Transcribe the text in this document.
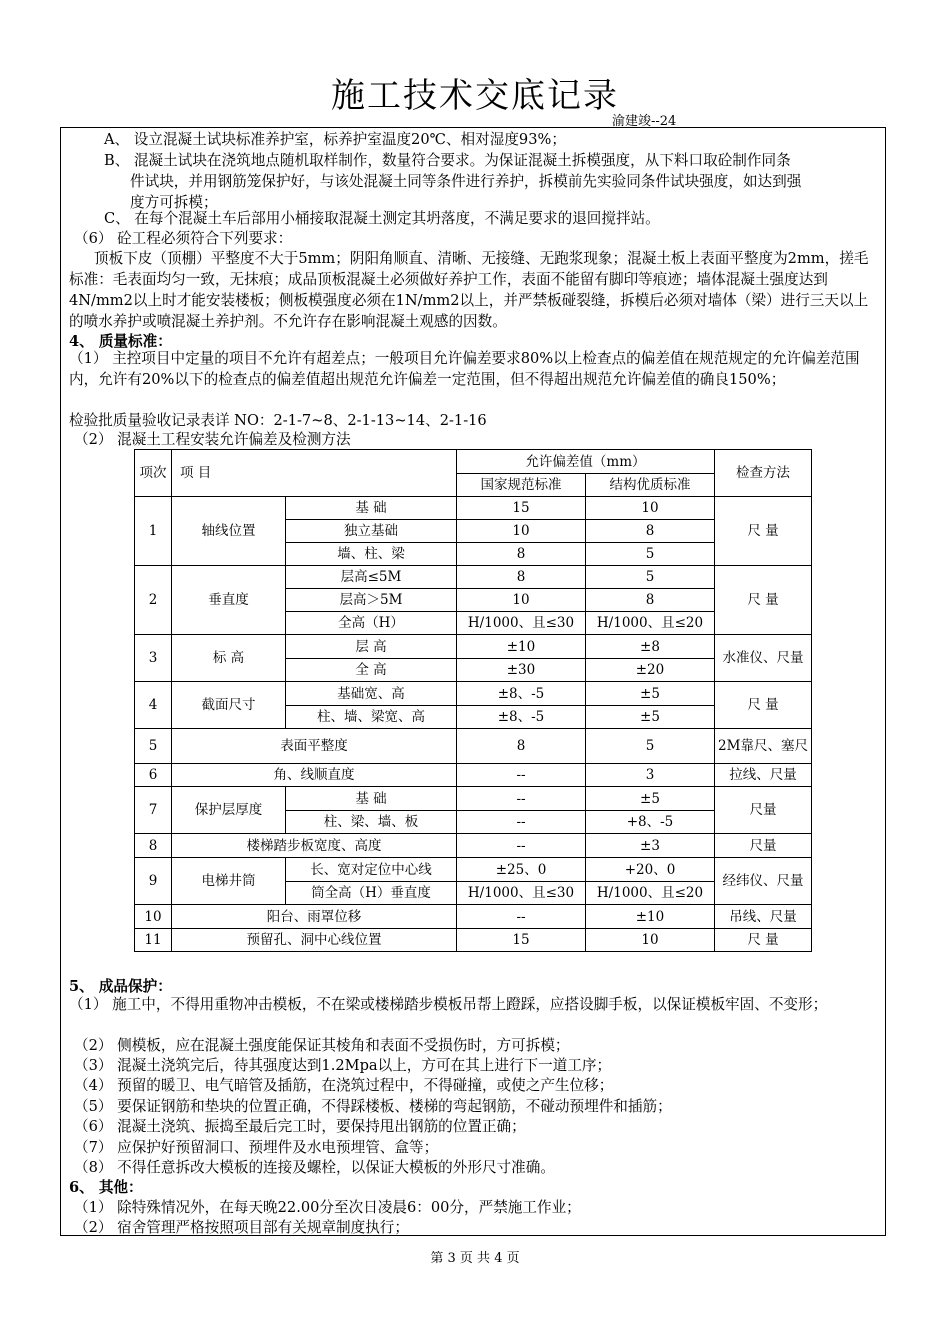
施工技术交底记录
渝建竣--24
A、 设立混凝土试块标准养护室，标养护室温度20℃、相对湿度93%；
B、 混凝土试块在浇筑地点随机取样制作，数量符合要求。为保证混凝土拆模强度，从下料口取砼制作同条
件试块，并用钢筋笼保护好，与该处混凝土同等条件进行养护，拆模前先实验同条件试块强度，如达到强
度方可拆模；
C、 在每个混凝土车后部用小桶接取混凝土测定其坍落度，不满足要求的退回搅拌站。
（6） 砼工程必须符合下列要求：
顶板下皮（顶棚）平整度不大于5mm；阴阳角顺直、清晰、无接缝、无跑浆现象；混凝土板上表面平整度为2mm，搓毛标准：毛表面均匀一致，无抹痕；成品顶板混凝土必须做好养护工作，表面不能留有脚印等痕迹；墙体混凝土强度达到4N/mm2以上时才能安装楼板；侧板模强度必须在1N/mm2以上，并严禁板碰裂缝，拆模后必须对墙体（梁）进行三天以上的喷水养护或喷混凝土养护剂。不允许存在影响混凝土观感的因数。
4、 质量标准：
（1） 主控项目中定量的项目不允许有超差点；一般项目允许偏差要求80%以上检查点的偏差值在规范规定的允许偏差范围内，允许有20%以下的检查点的偏差值超出规范允许偏差一定范围，但不得超出规范允许偏差值的确良150%；
检验批质量验收记录表详 NO：2-1-7~8、2-1-13~14、2-1-16
（2） 混凝土工程安装允许偏差及检测方法
项次	项 目		允许偏差值（mm）		检查方法
			国家规范标准	结构优质标准	
1	轴线位置	基 础	15	10	尺 量
		独立基础	10	8	
		墙、柱、梁	8	5	
2	垂直度	层高≤5M	8	5	尺 量
		层高＞5M	10	8	
		全高（H）	H/1000、且≤30	H/1000、且≤20	
3	标 高	层 高	±10	±8	水准仪、尺量
		全 高	±30	±20	
4	截面尺寸	基础宽、高	±8、-5	±5	尺 量
		柱、墙、梁宽、高	±8、-5	±5	
5	表面平整度		8	5	2M靠尺、塞尺
6	角、线顺直度		--	3	拉线、尺量
7	保护层厚度	基 础	--	±5	尺量
		柱、梁、墙、板	--	+8、-5	
8	楼梯踏步板宽度、高度		--	±3	尺量
9	电梯井筒	长、宽对定位中心线	±25、0	+20、0	经纬仪、尺量
		筒全高（H）垂直度	H/1000、且≤30	H/1000、且≤20	
10	阳台、雨罩位移		--	±10	吊线、尺量
11	预留孔、洞中心线位置		15	10	尺 量
5、 成品保护：
（1） 施工中，不得用重物冲击模板，不在梁或楼梯踏步模板吊帮上蹬踩，应搭设脚手板，以保证模板牢固、不变形；
（2） 侧模板，应在混凝土强度能保证其棱角和表面不受损伤时，方可拆模；
（3） 混凝土浇筑完后，待其强度达到1.2Mpa以上，方可在其上进行下一道工序；
（4） 预留的暖卫、电气暗管及插筋，在浇筑过程中，不得碰撞，或使之产生位移；
（5） 要保证钢筋和垫块的位置正确，不得踩楼板、楼梯的弯起钢筋，不碰动预埋件和插筋；
（6） 混凝土浇筑、振捣至最后完工时，要保持甩出钢筋的位置正确；
（7） 应保护好预留洞口、预埋件及水电预埋管、盒等；
（8） 不得任意拆改大模板的连接及螺栓，以保证大模板的外形尺寸准确。
6、 其他：
（1） 除特殊情况外，在每天晚22.00分至次日凌晨6：00分，严禁施工作业；
（2） 宿舍管理严格按照项目部有关规章制度执行；
第 3 页 共 4 页
